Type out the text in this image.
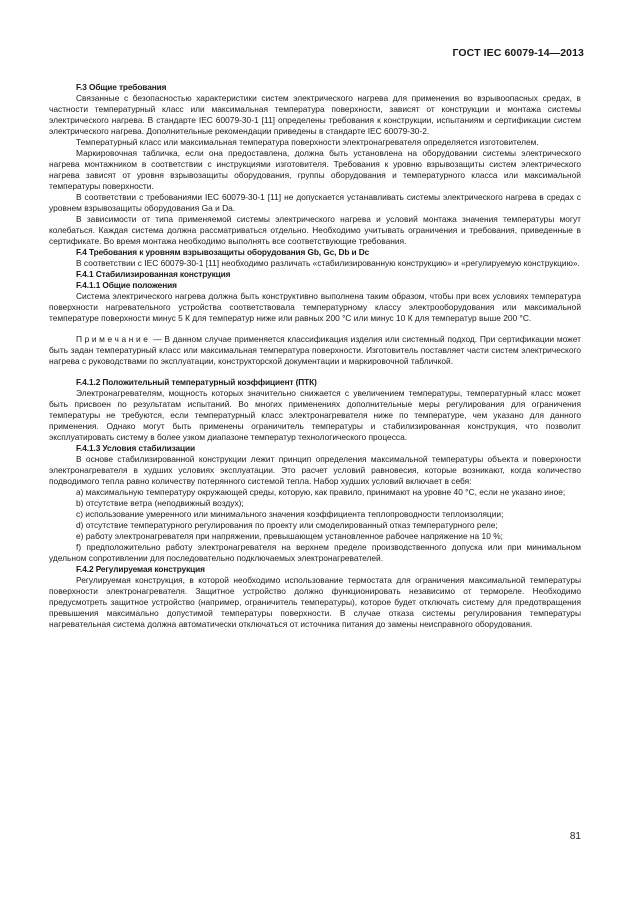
ГОСТ IEC 60079-14—2013

F.3 Общие требования

Связанные с безопасностью характеристики систем электрического нагрева для применения во взрывоопасных средах, в частности температурный класс или максимальная температура поверхности, зависят от конструкции и монтажа системы электрического нагрева. В стандарте IEC 60079-30-1 [11] определены требования к конструкции, испытаниям и сертификации систем электрического нагрева. Дополнительные рекомендации приведены в стандарте IEC 60079-30-2.

Температурный класс или максимальная температура поверхности электронагревателя определяется изготовителем.

Маркировочная табличка, если она предоставлена, должна быть установлена на оборудовании системы электрического нагрева монтажником в соответствии с инструкциями изготовителя. Требования к уровню взрывозащиты систем электрического нагрева зависят от уровня взрывозащиты оборудования, группы оборудования и температурного класса или максимальной температуры поверхности.

В соответствии с требованиями IEC 60079-30-1 [11] не допускается устанавливать системы электрического нагрева в средах с уровнем взрывозащиты оборудования Ga и Da.

В зависимости от типа применяемой системы электрического нагрева и условий монтажа значения температуры могут колебаться. Каждая система должна рассматриваться отдельно. Необходимо учитывать ограничения и требования, приведенные в сертификате. Во время монтажа необходимо выполнять все соответствующие требования.

F.4 Требования к уровням взрывозащиты оборудования Gb, Gc, Db и Dc

В соответствии с IEC 60079-30-1 [11] необходимо различать «стабилизированную конструкцию» и «регулируемую конструкцию».

F.4.1 Стабилизированная конструкция

F.4.1.1 Общие положения

Система электрического нагрева должна быть конструктивно выполнена таким образом, чтобы при всех условиях температура поверхности нагревательного устройства соответствовала температурному классу электрооборудования или максимальной температуре поверхности минус 5 К для температур ниже или равных 200 °С или минус 10 К для температур выше 200 °С.

Примечание — В данном случае применяется классификация изделия или системный подход. При сертификации может быть задан температурный класс или максимальная температура поверхности. Изготовитель поставляет части систем электрического нагрева с руководствами по эксплуатации, конструкторской документации и маркировочной табличкой.

F.4.1.2 Положительный температурный коэффициент (ПТК)

Электронагревателям, мощность которых значительно снижается с увеличением температуры, температурный класс может быть присвоен по результатам испытаний. Во многих применениях дополнительные меры регулирования для ограничения температуры не требуются, если температурный класс электронагревателя ниже по температуре, чем указано для данного применения. Однако могут быть применены ограничитель температуры и стабилизированная конструкция, что позволит эксплуатировать систему в более узком диапазоне температур технологического процесса.

F.4.1.3 Условия стабилизации

В основе стабилизированной конструкции лежит принцип определения максимальной температуры объекта и поверхности электронагревателя в худших условиях эксплуатации. Это расчет условий равновесия, которые возникают, когда количество подводимого тепла равно количеству потерянного системой тепла. Набор худших условий включает в себя:

а) максимальную температуру окружающей среды, которую, как правило, принимают на уровне 40 °С, если не указано иное;

b) отсутствие ветра (неподвижный воздух);

с) использование умеренного или минимального значения коэффициента теплопроводности теплоизоляции;

d) отсутствие температурного регулирования по проекту или смоделированный отказ температурного реле;

е) работу электронагревателя при напряжении, превышающем установленное рабочее напряжение на 10 %;

f) предположительно работу электронагревателя на верхнем пределе производственного допуска или при минимальном удельном сопротивлении для последовательно подключаемых электронагревателей.

F.4.2 Регулируемая конструкция

Регулируемая конструкция, в которой необходимо использование термостата для ограничения максимальной температуры поверхности электронагревателя. Защитное устройство должно функционировать независимо от термореле. Необходимо предусмотреть защитное устройство (например, ограничитель температуры), которое будет отключать систему для предотвращения превышения максимально допустимой температуры поверхности. В случае отказа системы регулирования температуры нагревательная система должна автоматически отключаться от источника питания до замены неисправного оборудования.

81
